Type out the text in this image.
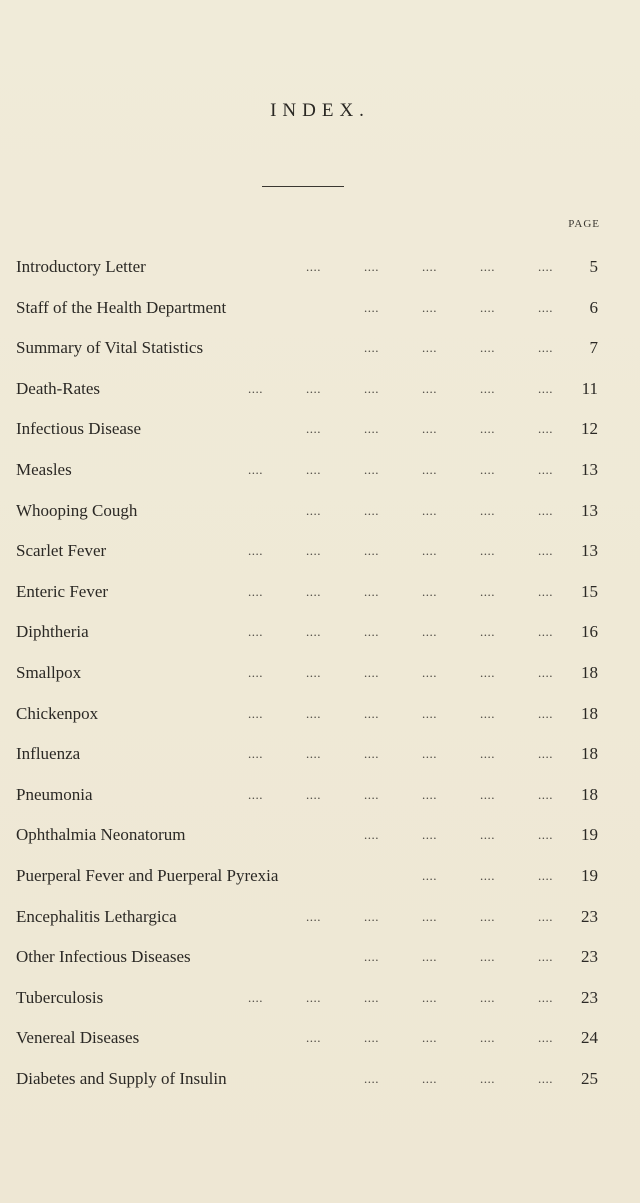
INDEX.
PAGE
Introductory Letter	....	....	....	....	....	5
Staff of the Health Department	....	....	....	....	6
Summary of Vital Statistics	....	....	....	....	7
Death-Rates	....	....	....	....	....	....	11
Infectious Disease	....	....	....	....	....	12
Measles	....	....	....	....	....	....	13
Whooping Cough	....	....	....	....	....	13
Scarlet Fever	....	....	....	....	....	....	13
Enteric Fever	....	....	....	....	....	....	15
Diphtheria	....	....	....	....	....	....	16
Smallpox	....	....	....	....	....	....	18
Chickenpox	....	....	....	....	....	....	18
Influenza	....	....	....	....	....	....	18
Pneumonia	....	....	....	....	....	....	18
Ophthalmia Neonatorum	....	....	....	....	19
Puerperal Fever and Puerperal Pyrexia	....	....	....	19
Encephalitis Lethargica	....	....	....	....	....	23
Other Infectious Diseases	....	....	....	....	23
Tuberculosis	....	....	....	....	....	....	23
Venereal Diseases	....	....	....	....	....	24
Diabetes and Supply of Insulin	....	....	....	....	25
